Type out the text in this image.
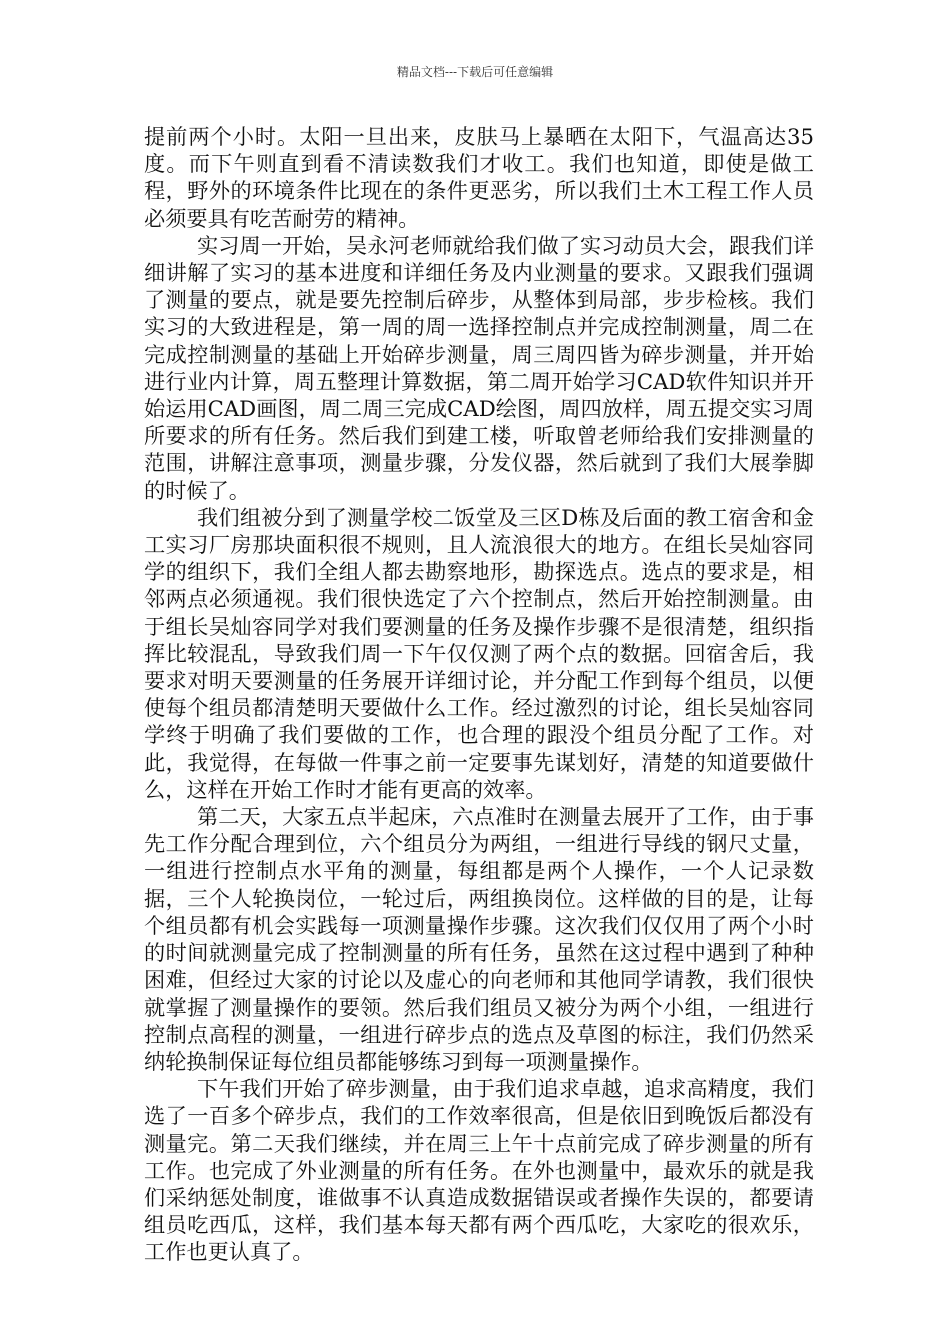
精品文档---下载后可任意编辑

提前两个小时。太阳一旦出来，皮肤马上暴晒在太阳下，气温高达35度。而下午则直到看不清读数我们才收工。我们也知道，即使是做工程，野外的环境条件比现在的条件更恶劣，所以我们土木工程工作人员必须要具有吃苦耐劳的精神。

实习周一开始，吴永河老师就给我们做了实习动员大会，跟我们详细讲解了实习的基本进度和详细任务及内业测量的要求。又跟我们强调了测量的要点，就是要先控制后碎步，从整体到局部，步步检核。我们实习的大致进程是，第一周的周一选择控制点并完成控制测量，周二在完成控制测量的基础上开始碎步测量，周三周四皆为碎步测量，并开始进行业内计算，周五整理计算数据，第二周开始学习CAD软件知识并开始运用CAD画图，周二周三完成CAD绘图，周四放样，周五提交实习周所要求的所有任务。然后我们到建工楼，听取曾老师给我们安排测量的范围，讲解注意事项，测量步骤，分发仪器，然后就到了我们大展拳脚的时候了。

我们组被分到了测量学校二饭堂及三区D栋及后面的教工宿舍和金工实习厂房那块面积很不规则，且人流浪很大的地方。在组长吴灿容同学的组织下，我们全组人都去勘察地形，勘探选点。选点的要求是，相邻两点必须通视。我们很快选定了六个控制点，然后开始控制测量。由于组长吴灿容同学对我们要测量的任务及操作步骤不是很清楚，组织指挥比较混乱，导致我们周一下午仅仅测了两个点的数据。回宿舍后，我要求对明天要测量的任务展开详细讨论，并分配工作到每个组员，以便使每个组员都清楚明天要做什么工作。经过激烈的讨论，组长吴灿容同学终于明确了我们要做的工作，也合理的跟没个组员分配了工作。对此，我觉得，在每做一件事之前一定要事先谋划好，清楚的知道要做什么，这样在开始工作时才能有更高的效率。

第二天，大家五点半起床，六点准时在测量去展开了工作，由于事先工作分配合理到位，六个组员分为两组，一组进行导线的钢尺丈量，一组进行控制点水平角的测量，每组都是两个人操作，一个人记录数据，三个人轮换岗位，一轮过后，两组换岗位。这样做的目的是，让每个组员都有机会实践每一项测量操作步骤。这次我们仅仅用了两个小时的时间就测量完成了控制测量的所有任务，虽然在这过程中遇到了种种困难，但经过大家的讨论以及虚心的向老师和其他同学请教，我们很快就掌握了测量操作的要领。然后我们组员又被分为两个小组，一组进行控制点高程的测量，一组进行碎步点的选点及草图的标注，我们仍然采纳轮换制保证每位组员都能够练习到每一项测量操作。

下午我们开始了碎步测量，由于我们追求卓越，追求高精度，我们选了一百多个碎步点，我们的工作效率很高，但是依旧到晚饭后都没有测量完。第二天我们继续，并在周三上午十点前完成了碎步测量的所有工作。也完成了外业测量的所有任务。在外也测量中，最欢乐的就是我们采纳惩处制度，谁做事不认真造成数据错误或者操作失误的，都要请组员吃西瓜，这样，我们基本每天都有两个西瓜吃，大家吃的很欢乐，工作也更认真了。
